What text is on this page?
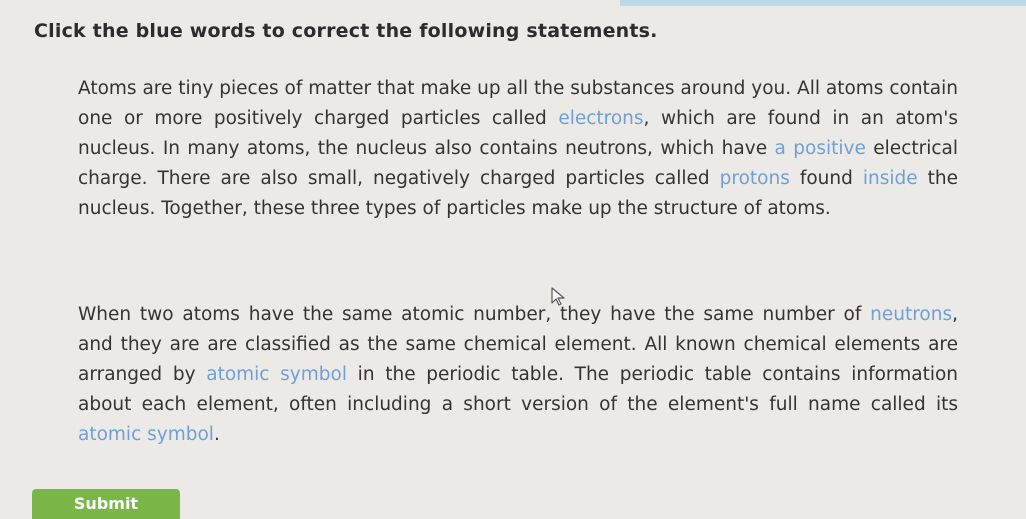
Click the blue words to correct the following statements.
Atoms are tiny pieces of matter that make up all the substances around you. All atoms contain one or more positively charged particles called electrons, which are found in an atom's nucleus. In many atoms, the nucleus also contains neutrons, which have a positive electrical charge. There are also small, negatively charged particles called protons found inside the nucleus. Together, these three types of particles make up the structure of atoms.
When two atoms have the same atomic number, they have the same number of neutrons, and they are are classified as the same chemical element. All known chemical elements are arranged by atomic symbol in the periodic table. The periodic table contains information about each element, often including a short version of the element's full name called its atomic symbol.
Submit
